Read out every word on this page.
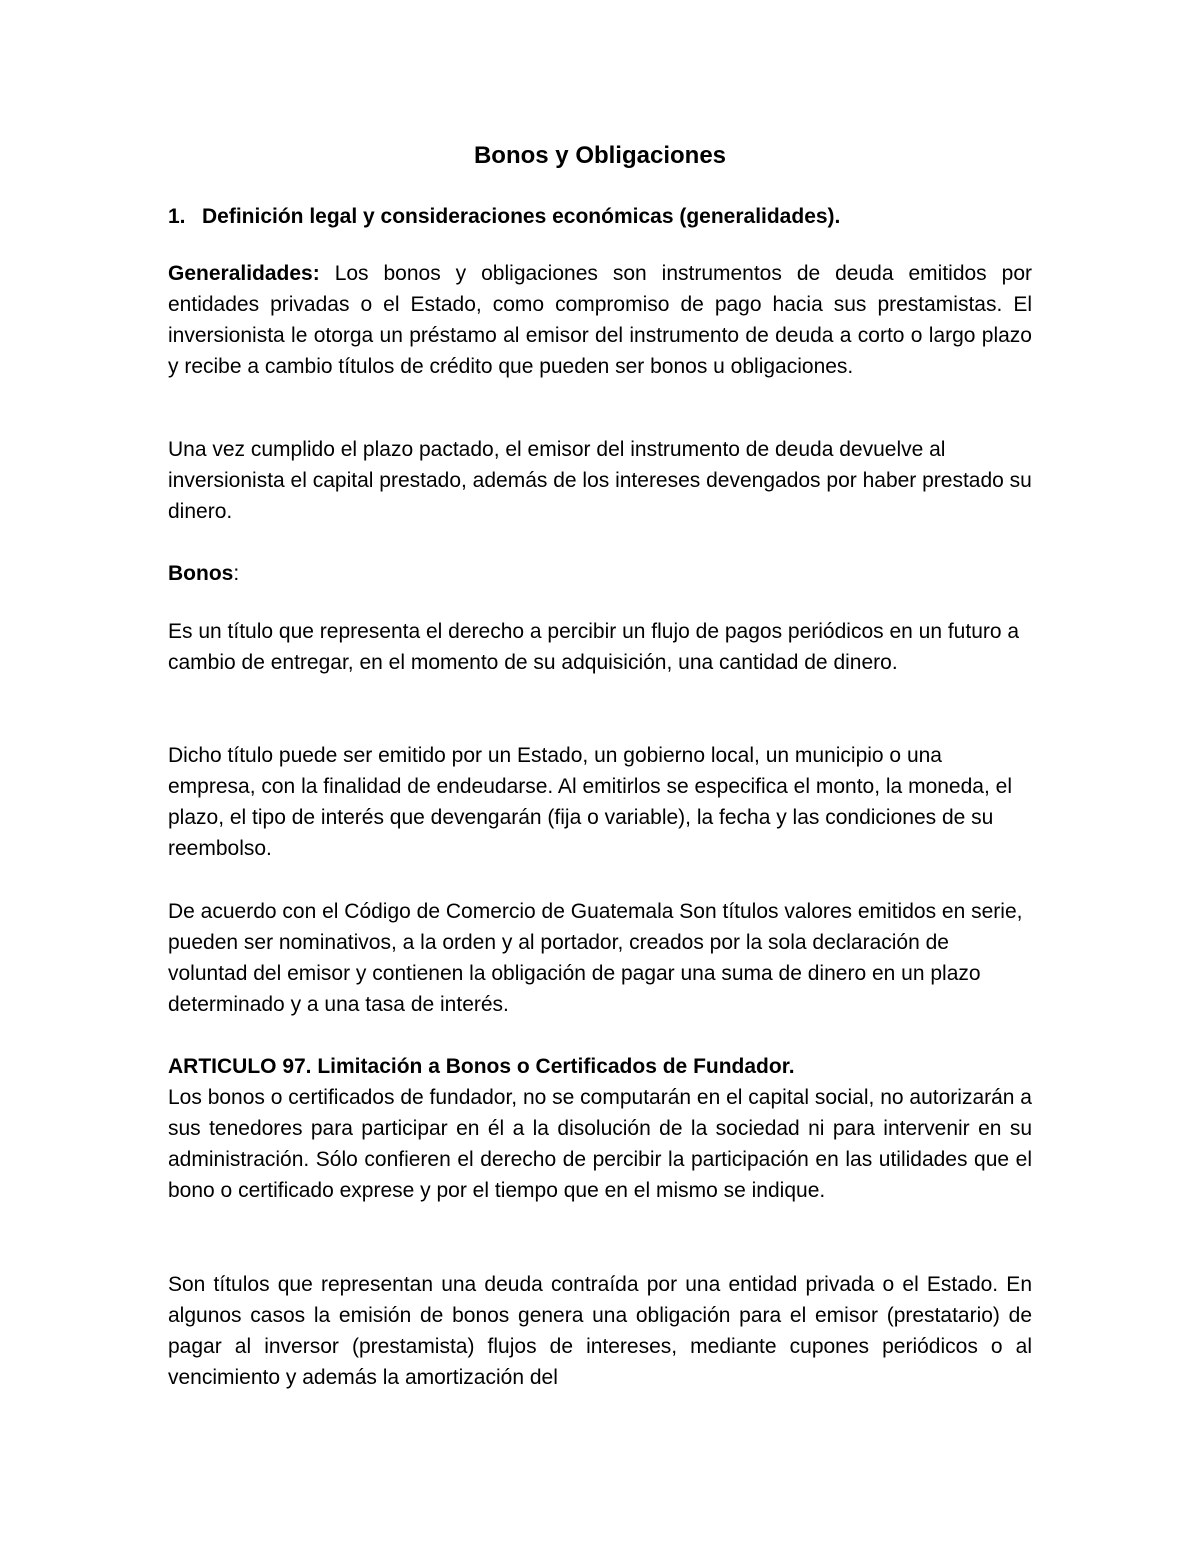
Bonos y Obligaciones

1. Definición legal y consideraciones económicas (generalidades).

Generalidades: Los bonos y obligaciones son instrumentos de deuda emitidos por entidades privadas o el Estado, como compromiso de pago hacia sus prestamistas. El inversionista le otorga un préstamo al emisor del instrumento de deuda a corto o largo plazo y recibe a cambio títulos de crédito que pueden ser bonos u obligaciones.

Una vez cumplido el plazo pactado, el emisor del instrumento de deuda devuelve al inversionista el capital prestado, además de los intereses devengados por haber prestado su dinero.

Bonos:

Es un título que representa el derecho a percibir un flujo de pagos periódicos en un futuro a cambio de entregar, en el momento de su adquisición, una cantidad de dinero.

Dicho título puede ser emitido por un Estado, un gobierno local, un municipio o una empresa, con la finalidad de endeudarse. Al emitirlos se especifica el monto, la moneda, el plazo, el tipo de interés que devengarán (fija o variable), la fecha y las condiciones de su reembolso.

De acuerdo con el Código de Comercio de Guatemala Son títulos valores emitidos en serie, pueden ser nominativos, a la orden y al portador, creados por la sola declaración de voluntad del emisor y contienen la obligación de pagar una suma de dinero en un plazo determinado y a una tasa de interés.

ARTICULO 97. Limitación a Bonos o Certificados de Fundador.

Los bonos o certificados de fundador, no se computarán en el capital social, no autorizarán a sus tenedores para participar en él a la disolución de la sociedad ni para intervenir en su administración. Sólo confieren el derecho de percibir la participación en las utilidades que el bono o certificado exprese y por el tiempo que en el mismo se indique.

Son títulos que representan una deuda contraída por una entidad privada o el Estado. En algunos casos la emisión de bonos genera una obligación para el emisor (prestatario) de pagar al inversor (prestamista) flujos de intereses, mediante cupones periódicos o al vencimiento y además la amortización del
